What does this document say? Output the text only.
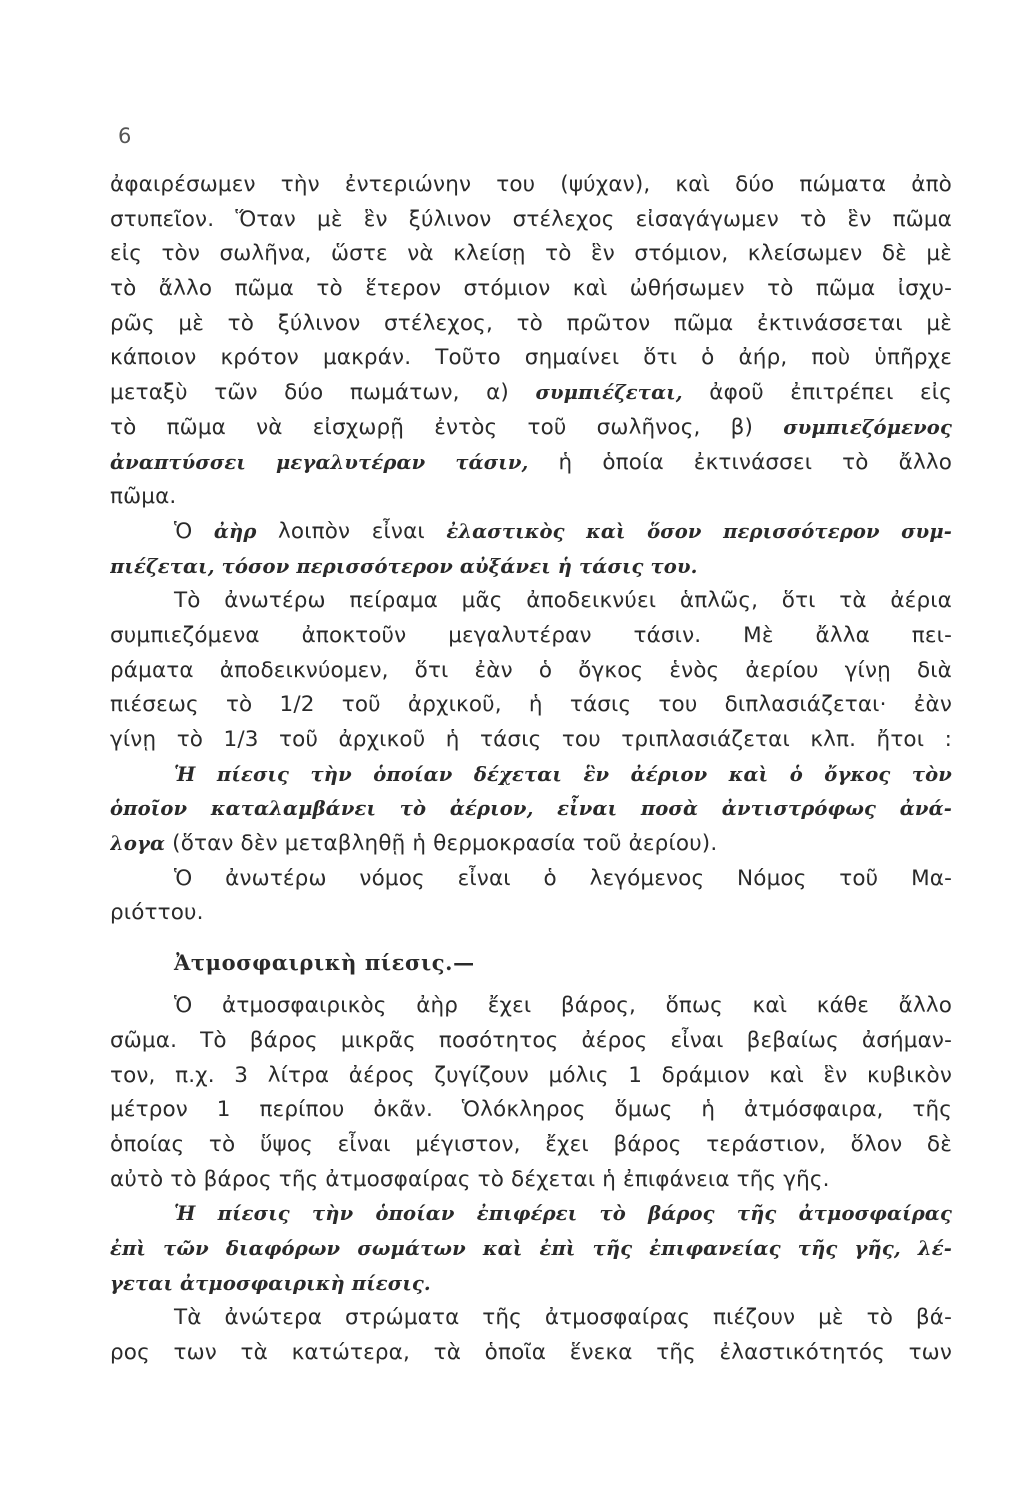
6
ἀφαιρέσωμεν τὴν ἐντεριώνην του (ψύχαν), καὶ δύο πώματα ἀπὸ
στυπεῖον. Ὅταν μὲ ἓν ξύλινον στέλεχος εἰσαγάγωμεν τὸ ἓν πῶμα
εἰς τὸν σωλῆνα, ὥστε νὰ κλείσῃ τὸ ἓν στόμιον, κλείσωμεν δὲ μὲ
τὸ ἄλλο πῶμα τὸ ἕτερον στόμιον καὶ ὠθήσωμεν τὸ πῶμα ἰσχυ-
ρῶς μὲ τὸ ξύλινον στέλεχος, τὸ πρῶτον πῶμα ἐκτινάσσεται μὲ
κάποιον κρότον μακράν. Τοῦτο σημαίνει ὅτι ὁ ἀήρ, ποὺ ὑπῆρχε
μεταξὺ τῶν δύο πωμάτων, α) συμπιέζεται, ἀφοῦ ἐπιτρέπει εἰς
τὸ πῶμα νὰ εἰσχωρῇ ἐντὸς τοῦ σωλῆνος, β) συμπιεζόμενος
ἀναπτύσσει μεγαλυτέραν τάσιν, ἡ ὁποία ἐκτινάσσει τὸ ἄλλο
πῶμα.
Ὁ ἀὴρ λοιπὸν εἶναι ἐλαστικὸς καὶ ὅσον περισσότερον συμ-
πιέζεται, τόσον περισσότερον αὐξάνει ἡ τάσις του.
Τὸ ἀνωτέρω πείραμα μᾶς ἀποδεικνύει ἁπλῶς, ὅτι τὰ ἀέρια
συμπιεζόμενα ἀποκτοῦν μεγαλυτέραν τάσιν. Μὲ ἄλλα πει-
ράματα ἀποδεικνύομεν, ὅτι ἐὰν ὁ ὄγκος ἑνὸς ἀερίου γίνῃ διὰ
πιέσεως τὸ 1/2 τοῦ ἀρχικοῦ, ἡ τάσις του διπλασιάζεται· ἐὰν
γίνῃ τὸ 1/3 τοῦ ἀρχικοῦ ἡ τάσις του τριπλασιάζεται κλπ. ἤτοι :
Ἡ πίεσις τὴν ὁποίαν δέχεται ἓν ἀέριον καὶ ὁ ὄγκος τὸν
ὁποῖον καταλαμβάνει τὸ ἀέριον, εἶναι ποσὰ ἀντιστρόφως ἀνά-
λογα (ὅταν δὲν μεταβληθῇ ἡ θερμοκρασία τοῦ ἀερίου).
Ὁ ἀνωτέρω νόμος εἶναι ὁ λεγόμενος Νόμος τοῦ Μα-
ριόττου.
Ἀτμοσφαιρικὴ πίεσις.—
Ὁ ἀτμοσφαιρικὸς ἀὴρ ἔχει βάρος, ὅπως καὶ κάθε ἄλλο
σῶμα. Τὸ βάρος μικρᾶς ποσότητος ἀέρος εἶναι βεβαίως ἀσήμαν-
τον, π.χ. 3 λίτρα ἀέρος ζυγίζουν μόλις 1 δράμιον καὶ ἓν κυβικὸν
μέτρον 1 περίπου ὀκᾶν. Ὁλόκληρος ὅμως ἡ ἀτμόσφαιρα, τῆς
ὁποίας τὸ ὕψος εἶναι μέγιστον, ἔχει βάρος τεράστιον, ὅλον δὲ
αὐτὸ τὸ βάρος τῆς ἀτμοσφαίρας τὸ δέχεται ἡ ἐπιφάνεια τῆς γῆς.
Ἡ πίεσις τὴν ὁποίαν ἐπιφέρει τὸ βάρος τῆς ἀτμοσφαίρας
ἐπὶ τῶν διαφόρων σωμάτων καὶ ἐπὶ τῆς ἐπιφανείας τῆς γῆς, λέ-
γεται ἀτμοσφαιρικὴ πίεσις.
Τὰ ἀνώτερα στρώματα τῆς ἀτμοσφαίρας πιέζουν μὲ τὸ βά-
ρος των τὰ κατώτερα, τὰ ὁποῖα ἕνεκα τῆς ἐλαστικότητός των
